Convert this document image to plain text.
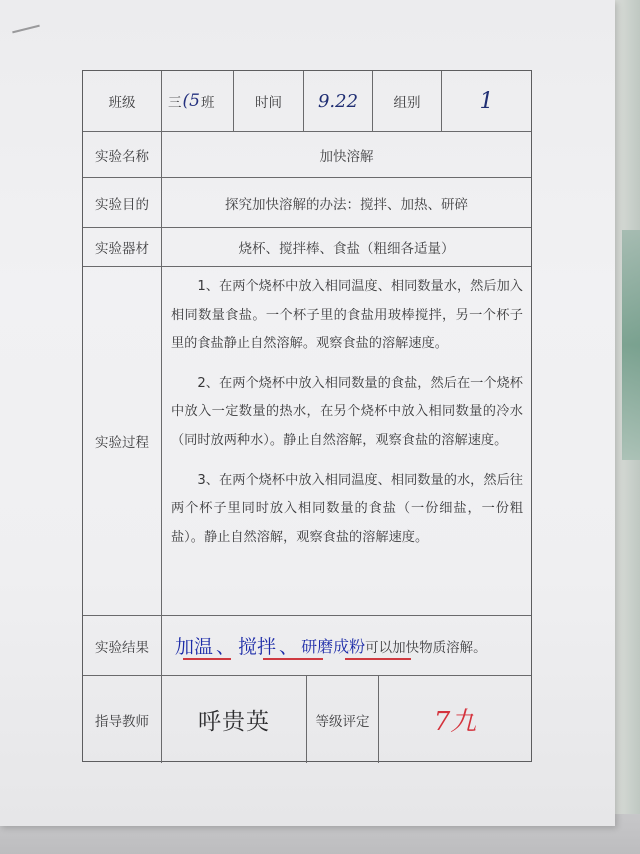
班级	三 (5 班	时间	9.22	组别	1
实验名称	加快溶解
实验目的	探究加快溶解的办法：搅拌、加热、研碎
实验器材	烧杯、搅拌棒、食盐（粗细各适量）
实验过程

1、在两个烧杯中放入相同温度、相同数量水，然后加入相同数量食盐。一个杯子里的食盐用玻棒搅拌，另一个杯子里的食盐静止自然溶解。观察食盐的溶解速度。

2、在两个烧杯中放入相同数量的食盐，然后在一个烧杯中放入一定数量的热水，在另个烧杯中放入相同数量的冷水（同时放两种水）。静止自然溶解，观察食盐的溶解速度。

3、在两个烧杯中放入相同温度、相同数量的水，然后往两个杯子里同时放入相同数量的食盐（一份细盐，一份粗盐）。静止自然溶解，观察食盐的溶解速度。

实验结果	加温 、 搅拌 、 研磨成粉 可以加快物质溶解。
指导教师	呼贵英	等级评定	7九
